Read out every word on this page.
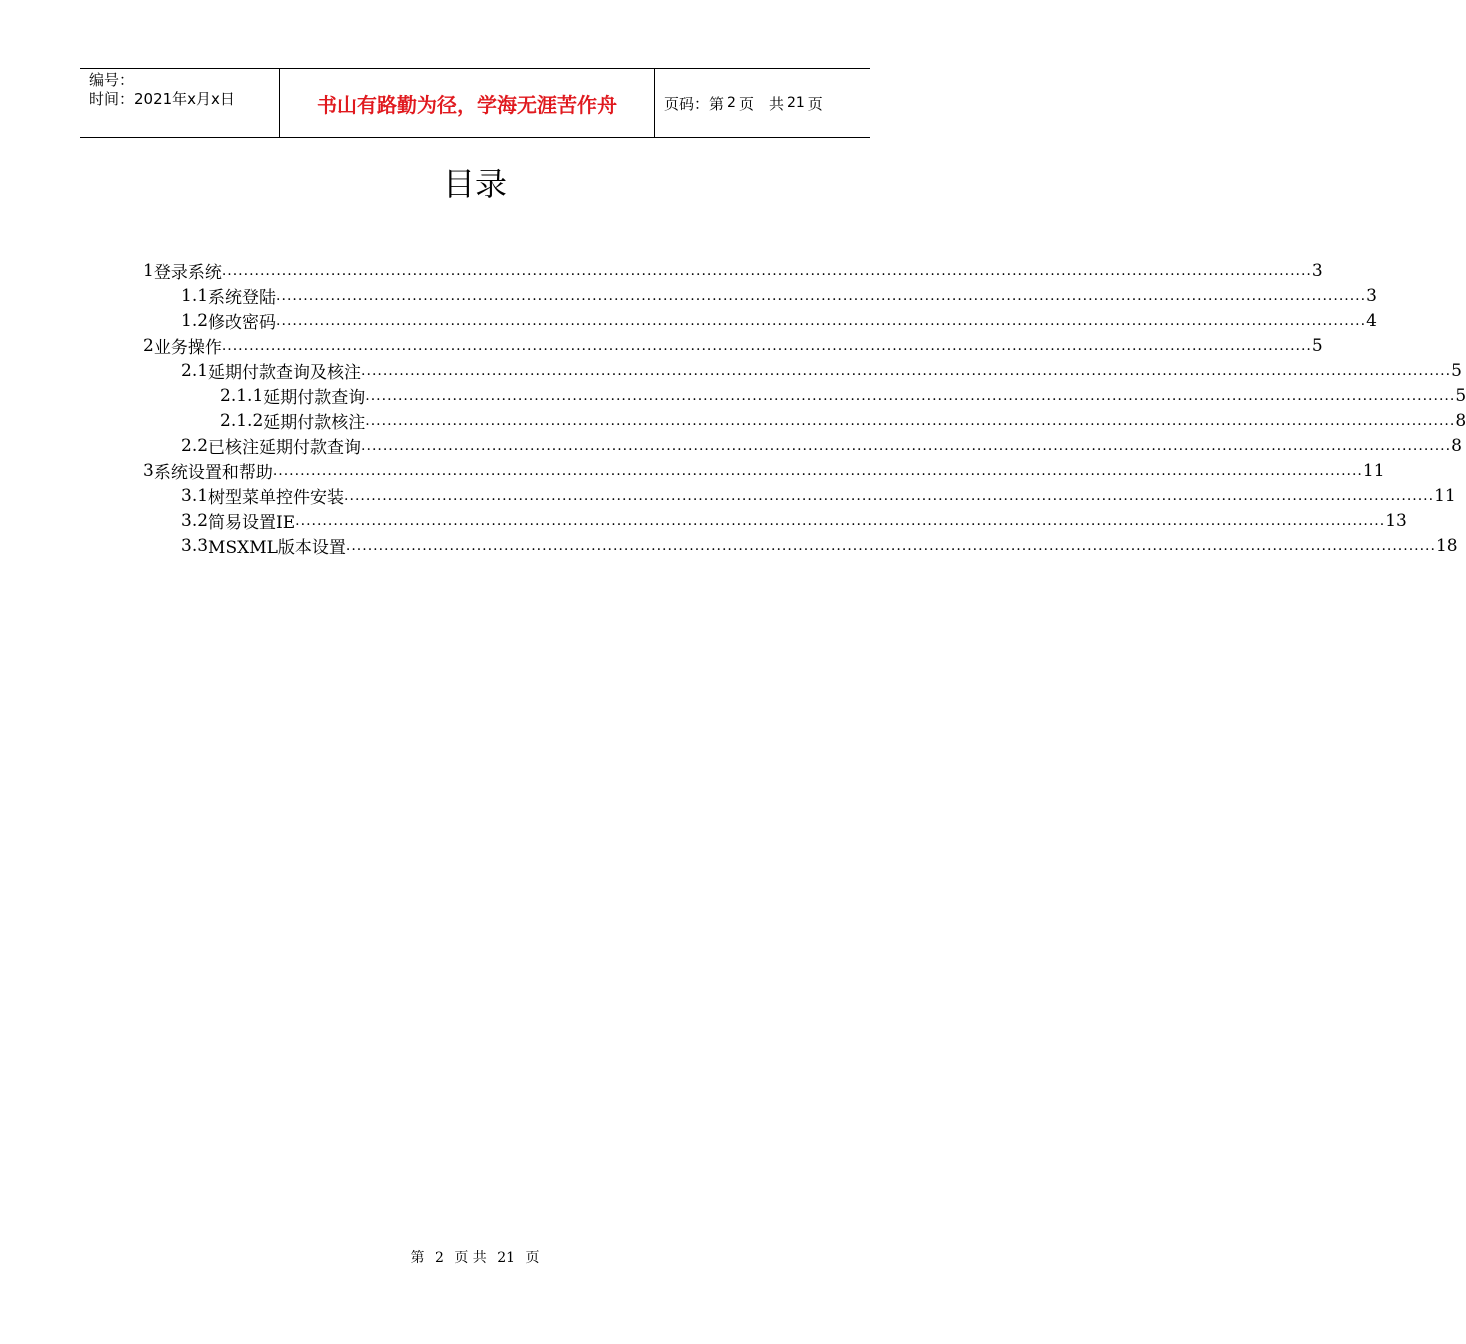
编号：
时间：2021年x月x日	书山有路勤为径，学海无涯苦作舟	页码：第 2 页　共 21 页
目录
1 登录系统 ........................................................................................................................................................................................................ 3
1.1 系统登陆 ........................................................................................................................................................................................................ 3
1.2 修改密码 ........................................................................................................................................................................................................ 4
2 业务操作 ........................................................................................................................................................................................................ 5
2.1 延期付款查询及核注 ........................................................................................................................................................................................................ 5
2.1.1 延期付款查询 ........................................................................................................................................................................................................ 5
2.1.2 延期付款核注 ........................................................................................................................................................................................................ 8
2.2 已核注延期付款查询 ........................................................................................................................................................................................................ 8
3 系统设置和帮助 ........................................................................................................................................................................................................ 11
3.1 树型菜单控件安装 ........................................................................................................................................................................................................ 11
3.2 简易设置IE ........................................................................................................................................................................................................ 13
3.3 MSXML版本设置 ........................................................................................................................................................................................................ 18
第 2 页 共 21 页
